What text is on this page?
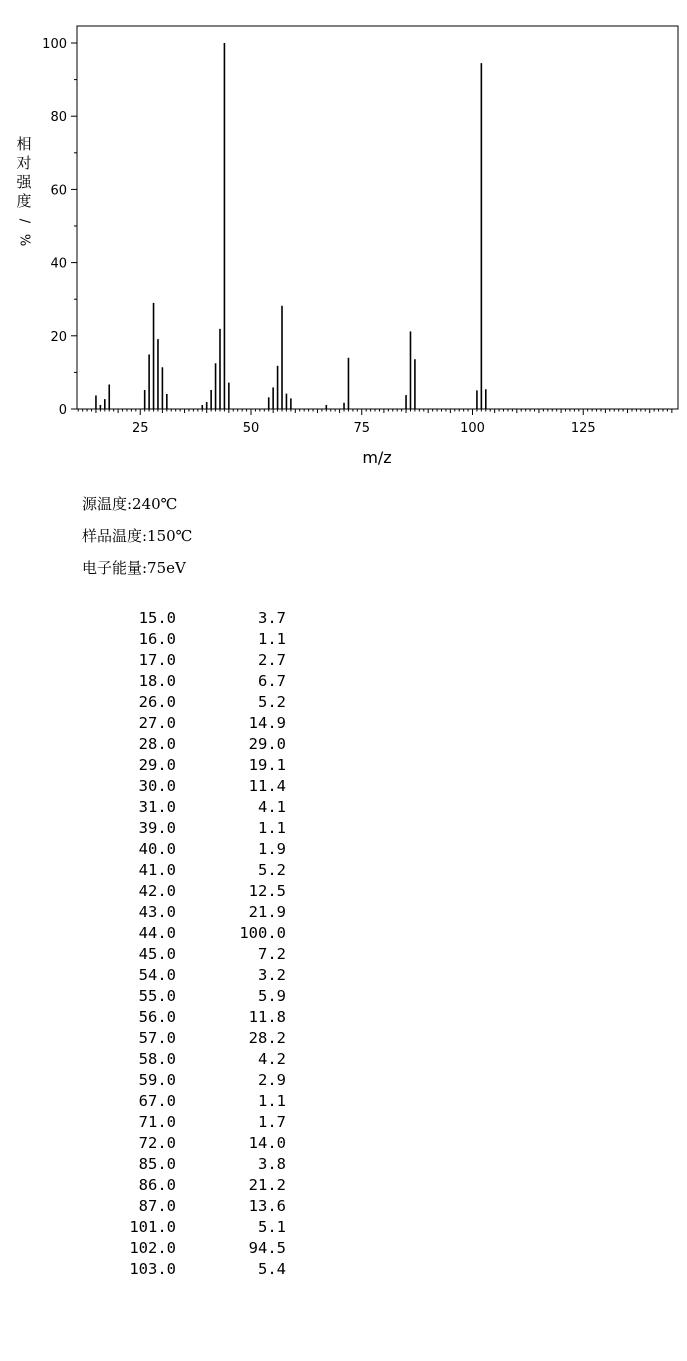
0
20
40
60
80
100
25	50	75	100	125
m/z
相
对
强
度
/
%
源温度:240℃
样品温度:150℃
电子能量:75eV
15.0	3.7
16.0	1.1
17.0	2.7
18.0	6.7
26.0	5.2
27.0	14.9
28.0	29.0
29.0	19.1
30.0	11.4
31.0	4.1
39.0	1.1
40.0	1.9
41.0	5.2
42.0	12.5
43.0	21.9
44.0	100.0
45.0	7.2
54.0	3.2
55.0	5.9
56.0	11.8
57.0	28.2
58.0	4.2
59.0	2.9
67.0	1.1
71.0	1.7
72.0	14.0
85.0	3.8
86.0	21.2
87.0	13.6
101.0	5.1
102.0	94.5
103.0	5.4
